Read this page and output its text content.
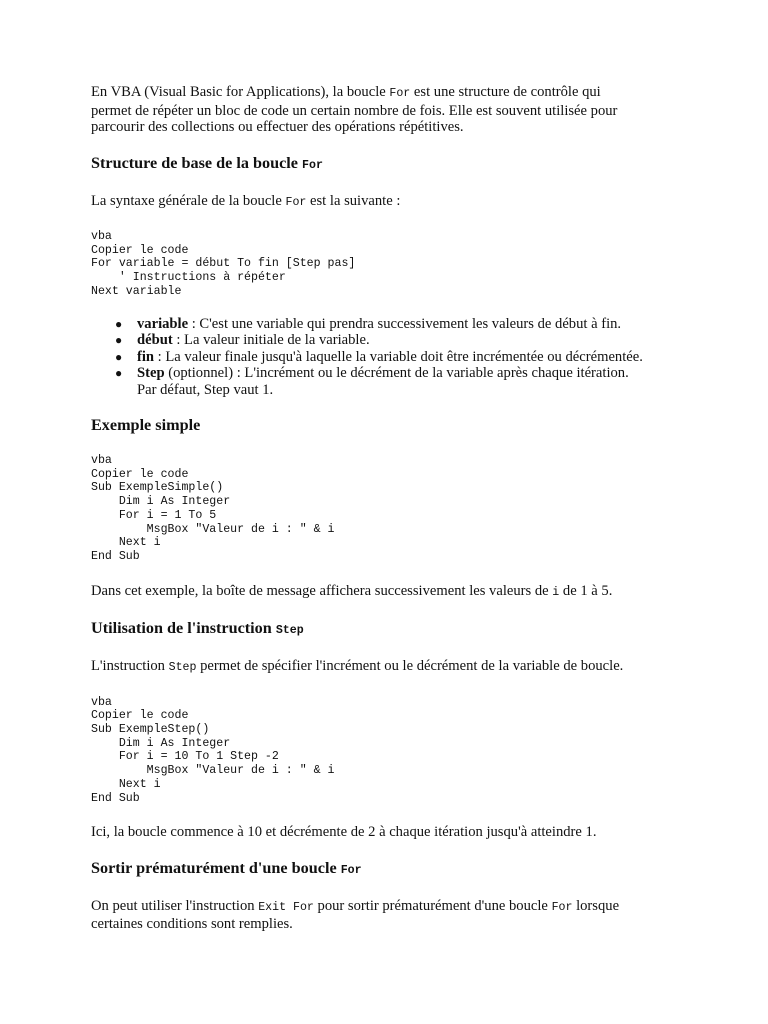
En VBA (Visual Basic for Applications), la boucle For est une structure de contrôle qui
permet de répéter un bloc de code un certain nombre de fois. Elle est souvent utilisée pour
parcourir des collections ou effectuer des opérations répétitives.

Structure de base de la boucle For

La syntaxe générale de la boucle For est la suivante :

vba
Copier le code
For variable = début To fin [Step pas]
' Instructions à répéter
Next variable
● variable : C'est une variable qui prendra successivement les valeurs de début à fin.
● début : La valeur initiale de la variable.
● fin : La valeur finale jusqu'à laquelle la variable doit être incrémentée ou décrémentée.
● Step (optionnel) : L'incrément ou le décrément de la variable après chaque itération.
Par défaut, Step vaut 1.
Exemple simple
vba
Copier le code
Sub ExempleSimple()
Dim i As Integer
For i = 1 To 5
MsgBox "Valeur de i : " & i
Next i
End Sub

Dans cet exemple, la boîte de message affichera successivement les valeurs de i de 1 à 5.

Utilisation de l'instruction Step

L'instruction Step permet de spécifier l'incrément ou le décrément de la variable de boucle.

vba
Copier le code
Sub ExempleStep()
Dim i As Integer
For i = 10 To 1 Step -2
MsgBox "Valeur de i : " & i
Next i
End Sub

Ici, la boucle commence à 10 et décrémente de 2 à chaque itération jusqu'à atteindre 1.

Sortir prématurément d'une boucle For

On peut utiliser l'instruction Exit For pour sortir prématurément d'une boucle For lorsque
certaines conditions sont remplies.
